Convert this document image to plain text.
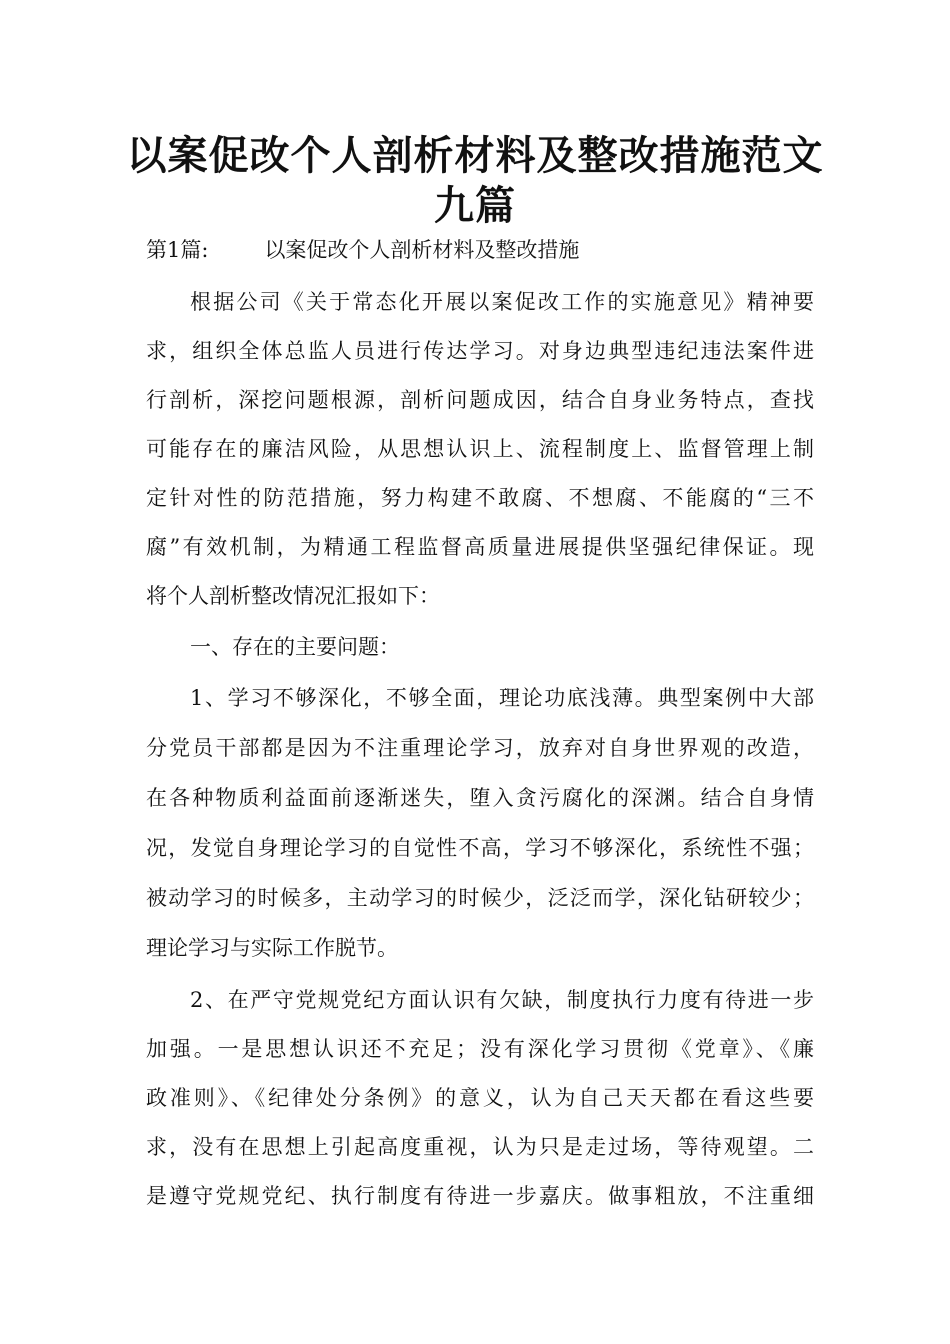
以案促改个人剖析材料及整改措施范文
九篇
第1篇:	以案促改个人剖析材料及整改措施
根据公司《关于常态化开展以案促改工作的实施意见》精神要
求，组织全体总监人员进行传达学习。对身边典型违纪违法案件进
行剖析，深挖问题根源，剖析问题成因，结合自身业务特点，查找
可能存在的廉洁风险，从思想认识上、流程制度上、监督管理上制
定针对性的防范措施，努力构建不敢腐、不想腐、不能腐的“三不
腐”有效机制，为精通工程监督高质量进展提供坚强纪律保证。现
将个人剖析整改情况汇报如下：
一、存在的主要问题：
1、学习不够深化，不够全面，理论功底浅薄。典型案例中大部
分党员干部都是因为不注重理论学习，放弃对自身世界观的改造，
在各种物质利益面前逐渐迷失，堕入贪污腐化的深渊。结合自身情
况，发觉自身理论学习的自觉性不高，学习不够深化，系统性不强；
被动学习的时候多，主动学习的时候少，泛泛而学，深化钻研较少；
理论学习与实际工作脱节。
2、在严守党规党纪方面认识有欠缺，制度执行力度有待进一步
加强。一是思想认识还不充足；没有深化学习贯彻《党章》、《廉
政准则》、《纪律处分条例》的意义，认为自己天天都在看这些要
求，没有在思想上引起高度重视，认为只是走过场，等待观望。二
是遵守党规党纪、执行制度有待进一步嘉庆。做事粗放，不注重细
